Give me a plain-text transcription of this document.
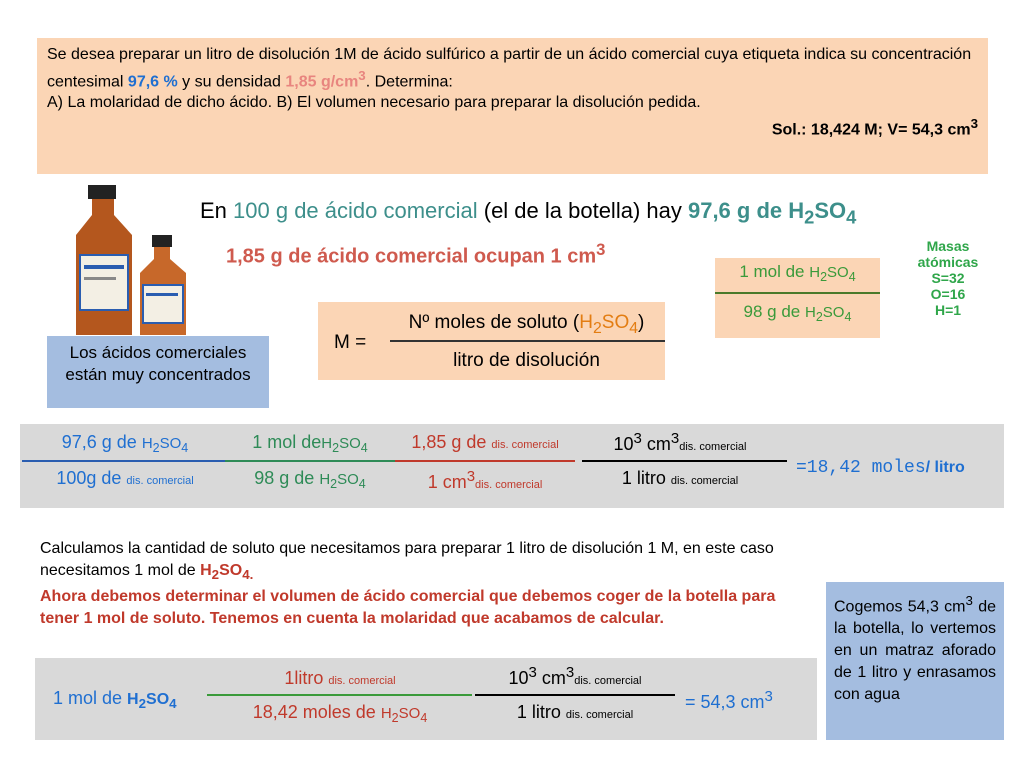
Se desea preparar un litro de disolución 1M de ácido sulfúrico a partir de un ácido comercial cuya etiqueta indica su concentración centesimal 97,6 % y su densidad 1,85 $g/cm^3$. Determina:
A) La molaridad de dicho ácido. B) El volumen necesario para preparar la disolución pedida.
Sol.: 18,424 M; V= 54,3 $cm^3$
En 100 g de ácido comercial (el de la botella) hay 97,6 g de $H_2SO_4$
1,85 g de ácido comercial ocupan 1 $cm^3$
1 mol de $H_2SO_4$
98 g de $H_2SO_4$
Masas
atómicas
S=32
O=16
H=1
M =
Nº moles de soluto $(H_2SO_4)$
litro de disolución
Los ácidos comerciales están muy concentrados
97,6 g de $H_2SO_4$
100g de dis. comercial
1 mol $deH_2SO_4$
98 g de $H_2SO_4$
1,85 g de dis. comercial
1 $cm^3dis$. comercial
$10^3$ $cm^3dis$. comercial
1 litro dis. comercial
=18,42 moles/ litro
Calculamos la cantidad de soluto que necesitamos para preparar 1 litro de disolución 1 M, en este caso necesitamos 1 mol de $H_2SO_{4.}$
Ahora debemos determinar el volumen de ácido comercial que debemos coger de la botella para tener 1 mol de soluto. Tenemos en cuenta la molaridad que acabamos de calcular.
Cogemos 54,3 $cm^3$ de la botella, lo vertemos en un matraz aforado de 1 litro y enrasamos con agua
1 mol de $H_2SO_4$
1litro dis. comercial
18,42 moles de $H_2SO_4$
$10^3$ $cm^3dis$. comercial
1 litro dis. comercial
= 54,3 $cm^3$
